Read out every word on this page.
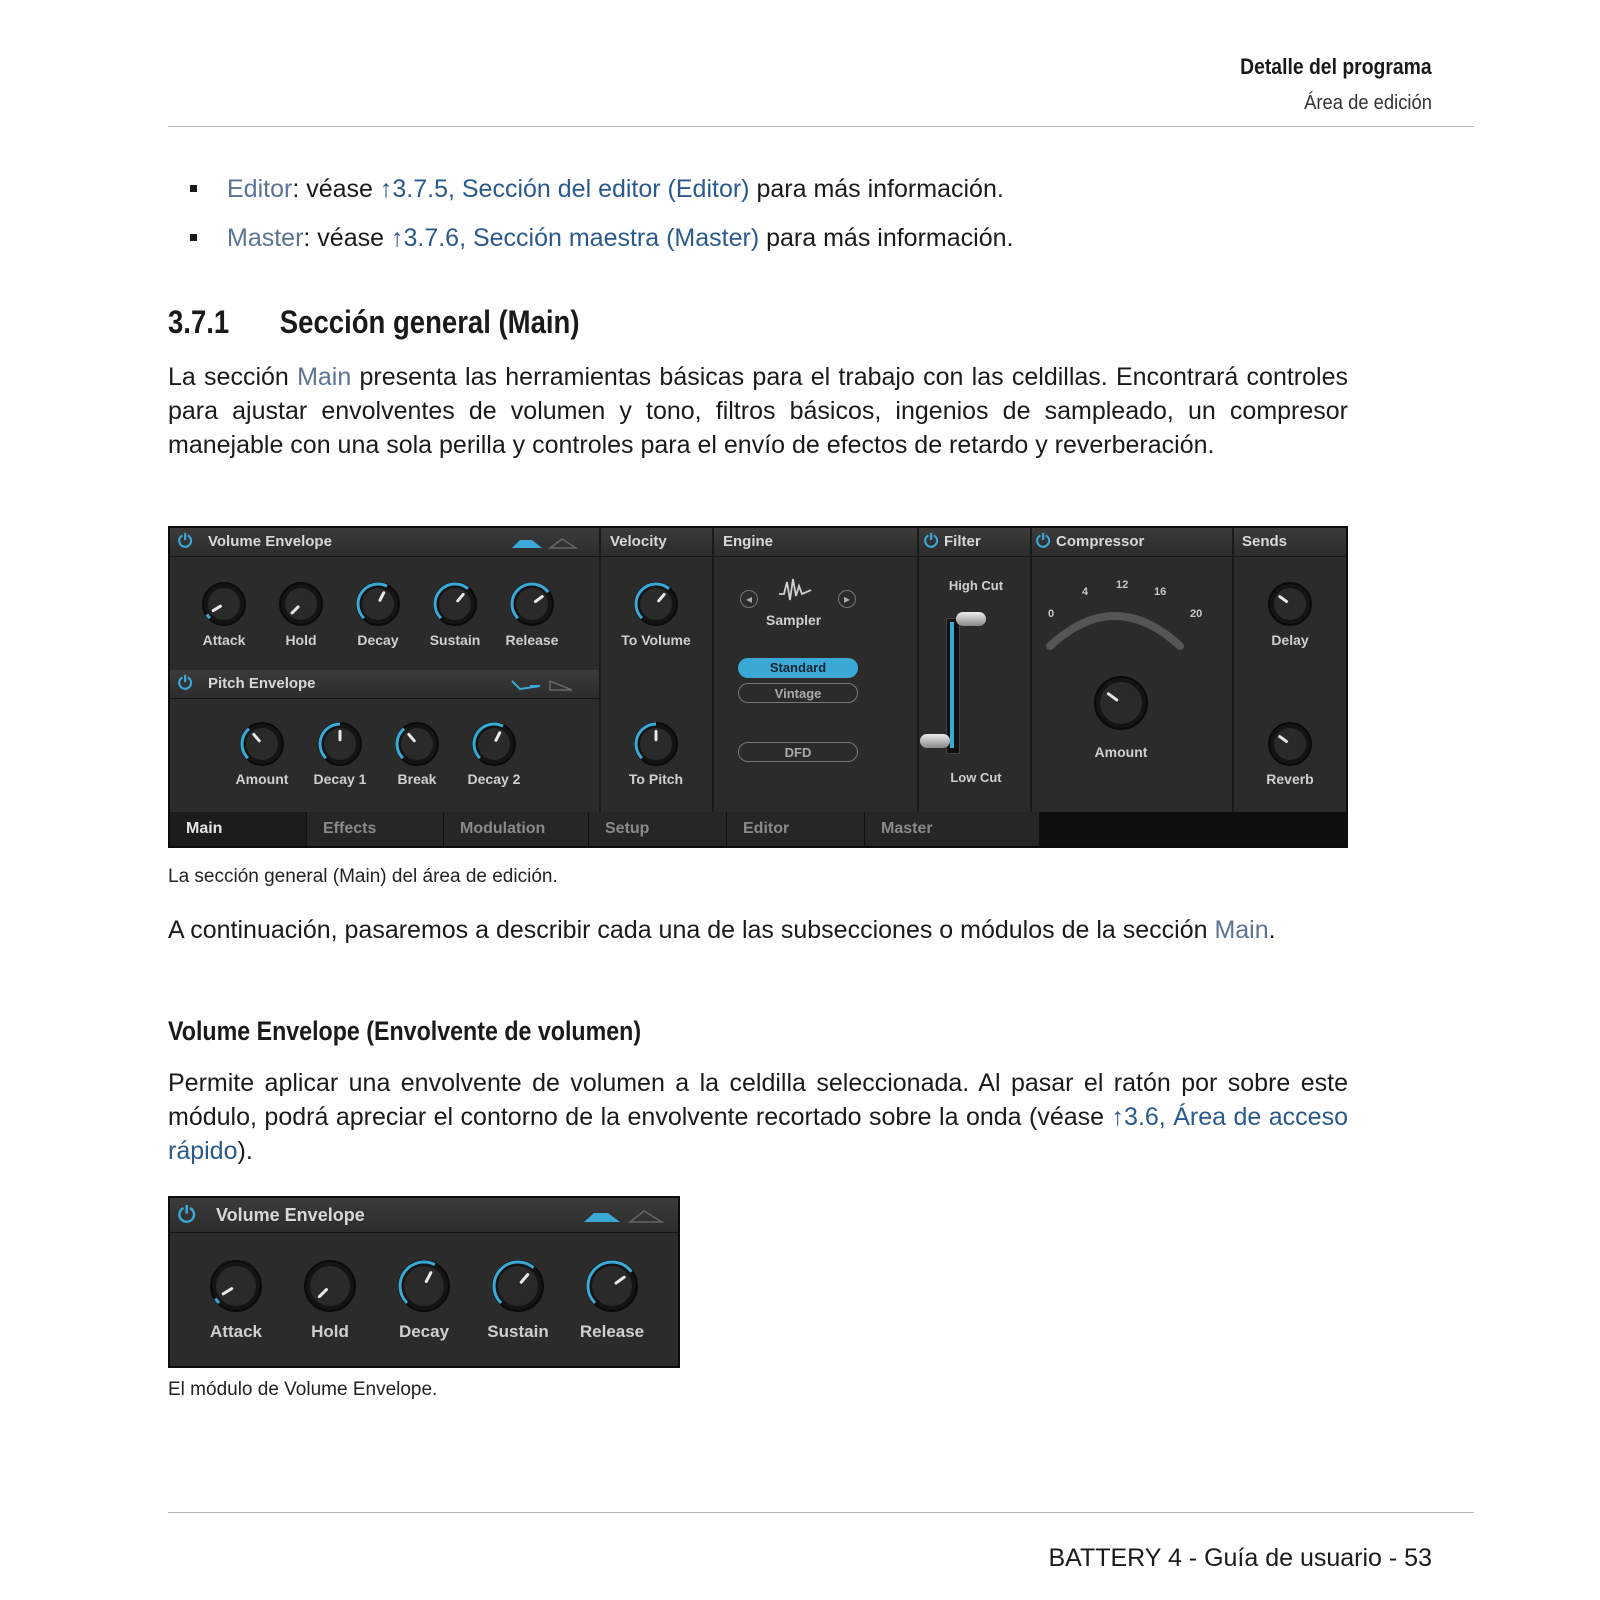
Detalle del programa
Área de edición
Editor: véase ↑3.7.5, Sección del editor (Editor) para más información.
Master: véase ↑3.7.6, Sección maestra (Master) para más información.
3.7.1 Sección general (Main)
La sección Main presenta las herramientas básicas para el trabajo con las celdillas. Encontrará controles para ajustar envolventes de volumen y tono, filtros básicos, ingenios de sampleado, un compresor manejable con una sola perilla y controles para el envío de efectos de retardo y reverberación.
⏻ Volume Envelope	Velocity	Engine	⏻ Filter	⏻ Compressor	Sends
⏻ Pitch Envelope
Attack	Hold	Decay	Sustain	Release
Amount	Decay 1	Break	Decay 2
To Volume
To Pitch
◂	▸
Sampler
Standard
Vintage
DFD
High Cut
Low Cut
0
4
12
16
20
Amount
Delay
Reverb
Main	Effects	Modulation	Setup	Editor	Master
La sección general (Main) del área de edición.
A continuación, pasaremos a describir cada una de las subsecciones o módulos de la sección Main.
Volume Envelope (Envolvente de volumen)
Permite aplicar una envolvente de volumen a la celdilla seleccionada. Al pasar el ratón por sobre este módulo, podrá apreciar el contorno de la envolvente recortado sobre la onda (véase ↑3.6, Área de acceso rápido).
⏻ Volume Envelope
Attack	Hold	Decay	Sustain	Release
El módulo de Volume Envelope.
BATTERY 4 - Guía de usuario - 53
